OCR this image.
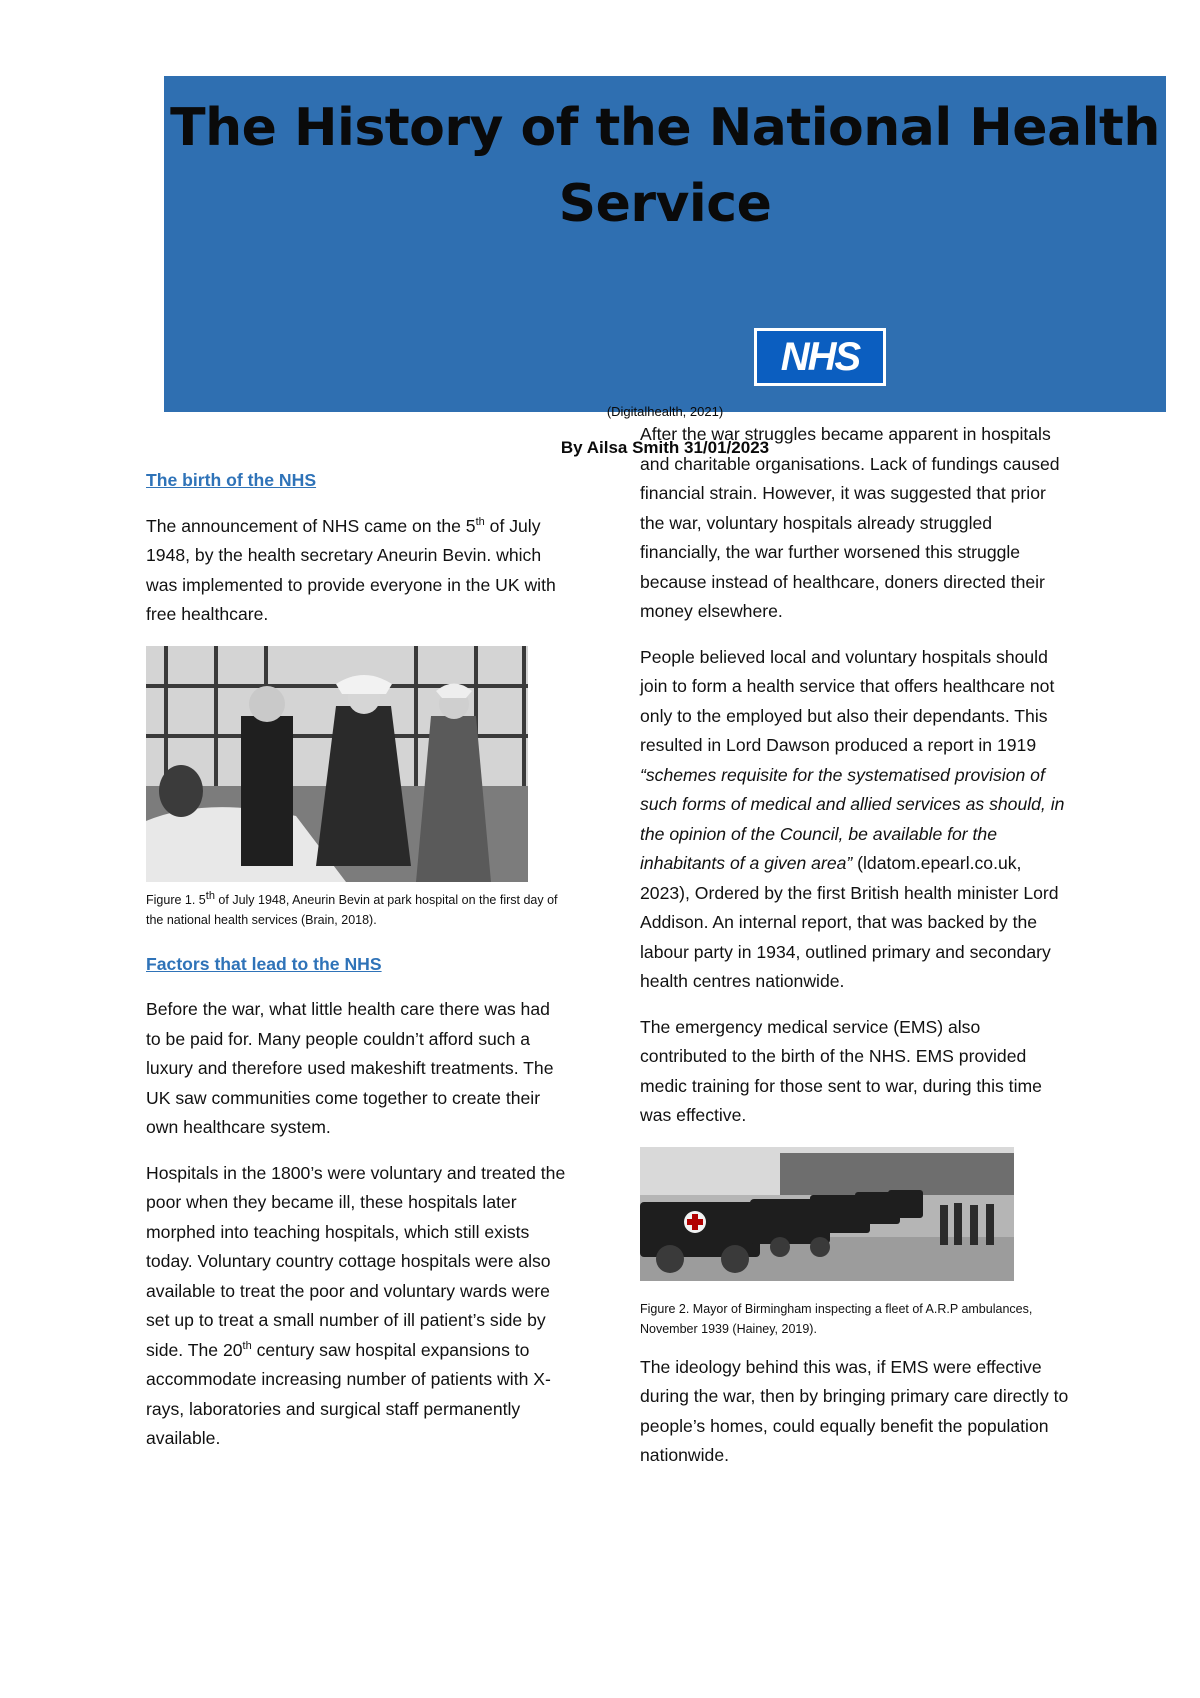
The History of the National Health Service
NHS
(Digitalhealth, 2021)
By Ailsa Smith 31/01/2023

The birth of the NHS

The announcement of NHS came on the 5th of July 1948, by the health secretary Aneurin Bevin. which was implemented to provide everyone in the UK with free healthcare.

Figure 1. 5th of July 1948, Aneurin Bevin at park hospital on the first day of the national health services (Brain, 2018).

Factors that lead to the NHS

Before the war, what little health care there was had to be paid for. Many people couldn’t afford such a luxury and therefore used makeshift treatments. The UK saw communities come together to create their own healthcare system.

Hospitals in the 1800’s were voluntary and treated the poor when they became ill, these hospitals later morphed into teaching hospitals, which still exists today. Voluntary country cottage hospitals were also available to treat the poor and voluntary wards were set up to treat a small number of ill patient’s side by side. The 20th century saw hospital expansions to accommodate increasing number of patients with X-rays, laboratories and surgical staff permanently available.

After the war struggles became apparent in hospitals and charitable organisations. Lack of fundings caused financial strain. However, it was suggested that prior the war, voluntary hospitals already struggled financially, the war further worsened this struggle because instead of healthcare, doners directed their money elsewhere.

People believed local and voluntary hospitals should join to form a health service that offers healthcare not only to the employed but also their dependants. This resulted in Lord Dawson produced a report in 1919 “schemes requisite for the systematised provision of such forms of medical and allied services as should, in the opinion of the Council, be available for the inhabitants of a given area” (ldatom.epearl.co.uk, 2023), Ordered by the first British health minister Lord Addison. An internal report, that was backed by the labour party in 1934, outlined primary and secondary health centres nationwide.

The emergency medical service (EMS) also contributed to the birth of the NHS. EMS provided medic training for those sent to war, during this time was effective.

Figure 2. Mayor of Birmingham inspecting a fleet of A.R.P ambulances, November 1939 (Hainey, 2019).

The ideology behind this was, if EMS were effective during the war, then by bringing primary care directly to people’s homes, could equally benefit the population nationwide.
